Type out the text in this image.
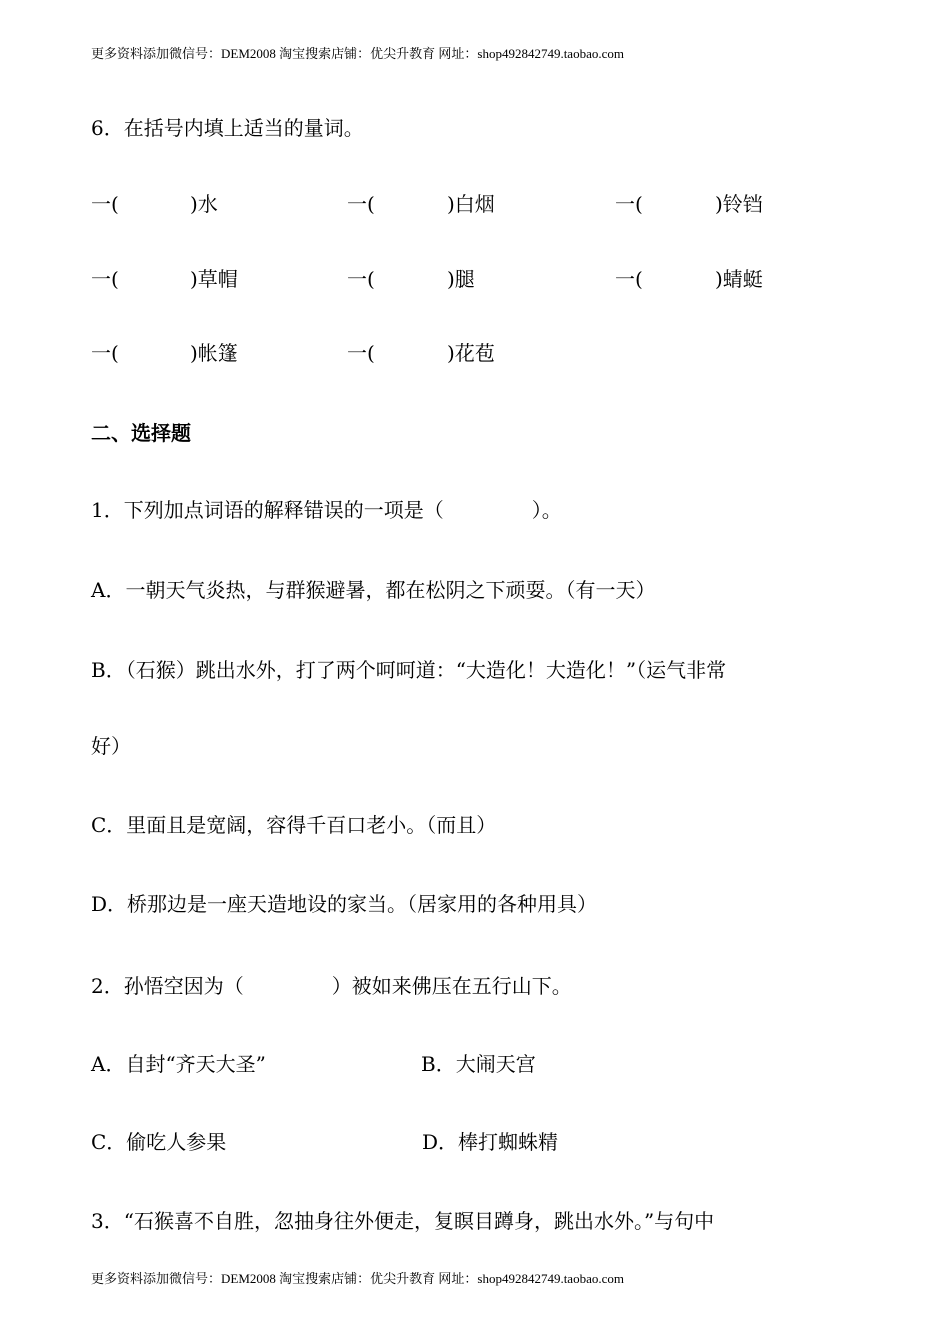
更多资料添加微信号：DEM2008 淘宝搜索店铺：优尖升教育 网址：shop492842749.taobao.com
6．在括号内填上适当的量词。
一(	)水	一(	)白烟	一(	)铃铛
一(	)草帽	一(	)腿	一(	)蜻蜓
一(	)帐篷	一(	)花苞
二、选择题
1．下列加点词语的解释错误的一项是（	）。
A．一朝天气炎热，与群猴避暑，都在松阴之下顽耍。（有一天）
B．（石猴）跳出水外，打了两个呵呵道：“大造化！大造化！”（运气非常
好）
C．里面且是宽阔，容得千百口老小。（而且）
D．桥那边是一座天造地设的家当。（居家用的各种用具）
2．孙悟空因为（	）被如来佛压在五行山下。
A．自封“齐天大圣”	B．大闹天宫
C．偷吃人参果	D．棒打蜘蛛精
3．“石猴喜不自胜，忽抽身往外便走，复瞑目蹲身，跳出水外。”与句中
更多资料添加微信号：DEM2008 淘宝搜索店铺：优尖升教育 网址：shop492842749.taobao.com
